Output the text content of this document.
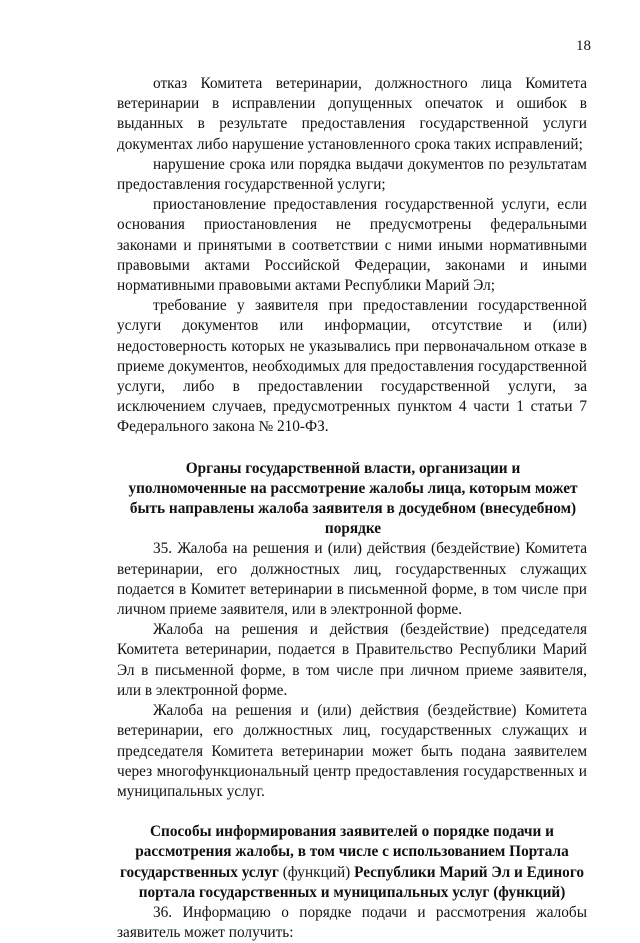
18

отказ Комитета ветеринарии, должностного лица Комитета ветеринарии в исправлении допущенных опечаток и ошибок в выданных в результате предоставления государственной услуги документах либо нарушение установленного срока таких исправлений;

нарушение срока или порядка выдачи документов по результатам предоставления государственной услуги;

приостановление предоставления государственной услуги, если основания приостановления не предусмотрены федеральными законами и принятыми в соответствии с ними иными нормативными правовыми актами Российской Федерации, законами и иными нормативными правовыми актами Республики Марий Эл;

требование у заявителя при предоставлении государственной услуги документов или информации, отсутствие и (или) недостоверность которых не указывались при первоначальном отказе в приеме документов, необходимых для предоставления государственной услуги, либо в предоставлении государственной услуги, за исключением случаев, предусмотренных пунктом 4 части 1 статьи 7 Федерального закона № 210-ФЗ.

Органы государственной власти, организации и уполномоченные на рассмотрение жалобы лица, которым может быть направлены жалоба заявителя в досудебном (внесудебном) порядке

35. Жалоба на решения и (или) действия (бездействие) Комитета ветеринарии, его должностных лиц, государственных служащих подается в Комитет ветеринарии в письменной форме, в том числе при личном приеме заявителя, или в электронной форме.

Жалоба на решения и действия (бездействие) председателя Комитета ветеринарии, подается в Правительство Республики Марий Эл в письменной форме, в том числе при личном приеме заявителя, или в электронной форме.

Жалоба на решения и (или) действия (бездействие) Комитета ветеринарии, его должностных лиц, государственных служащих и председателя Комитета ветеринарии может быть подана заявителем через многофункциональный центр предоставления государственных и муниципальных услуг.

Способы информирования заявителей о порядке подачи и рассмотрения жалобы, в том числе с использованием Портала государственных услуг (функций) Республики Марий Эл и Единого портала государственных и муниципальных услуг (функций)

36. Информацию о порядке подачи и рассмотрения жалобы заявитель может получить:
